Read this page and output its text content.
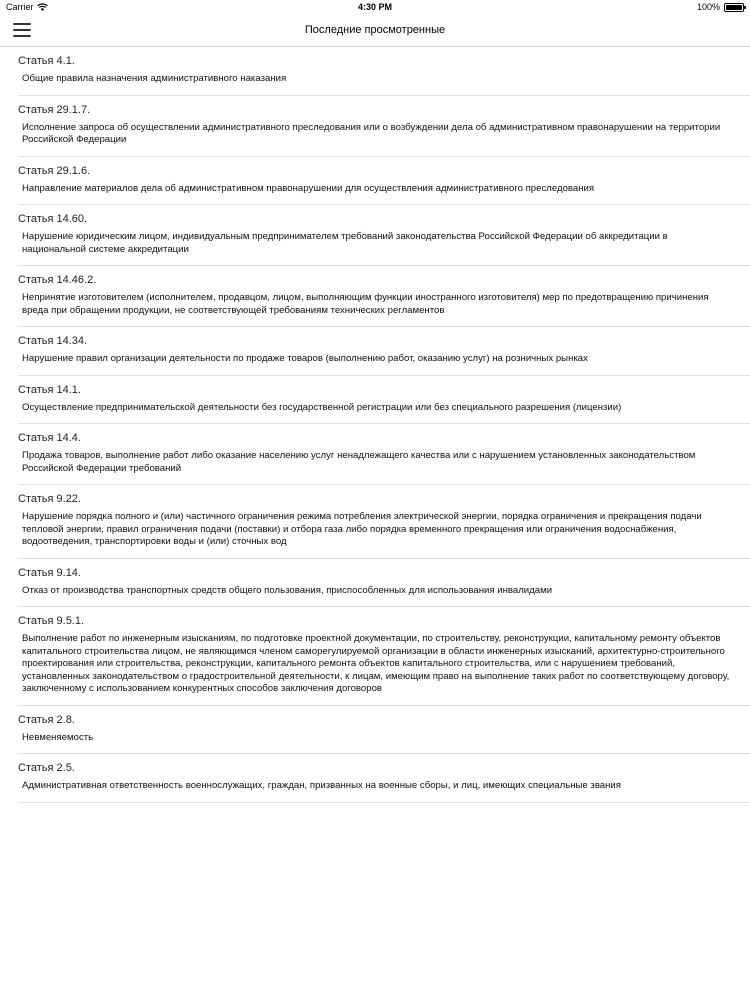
Carrier	4:30 PM	100%
Последние просмотренные
Статья 4.1.
Общие правила назначения административного наказания
Статья 29.1.7.
Исполнение запроса об осуществлении административного преследования или о возбуждении дела об административном правонарушении на территории Российской Федерации
Статья 29.1.6.
Направление материалов дела об административном правонарушении для осуществления административного преследования
Статья 14.60.
Нарушение юридическим лицом, индивидуальным предпринимателем требований законодательства Российской Федерации об аккредитации в национальной системе аккредитации
Статья 14.46.2.
Непринятие изготовителем (исполнителем, продавцом, лицом, выполняющим функции иностранного изготовителя) мер по предотвращению причинения вреда при обращении продукции, не соответствующей требованиям технических регламентов
Статья 14.34.
Нарушение правил организации деятельности по продаже товаров (выполнению работ, оказанию услуг) на розничных рынках
Статья 14.1.
Осуществление предпринимательской деятельности без государственной регистрации или без специального разрешения (лицензии)
Статья 14.4.
Продажа товаров, выполнение работ либо оказание населению услуг ненадлежащего качества или с нарушением установленных законодательством Российской Федерации требований
Статья 9.22.
Нарушение порядка полного и (или) частичного ограничения режима потребления электрической энергии, порядка ограничения и прекращения подачи тепловой энергии, правил ограничения подачи (поставки) и отбора газа либо порядка временного прекращения или ограничения водоснабжения, водоотведения, транспортировки воды и (или) сточных вод
Статья 9.14.
Отказ от производства транспортных средств общего пользования, приспособленных для использования инвалидами
Статья 9.5.1.
Выполнение работ по инженерным изысканиям, по подготовке проектной документации, по строительству, реконструкции, капитальному ремонту объектов капитального строительства лицом, не являющимся членом саморегулируемой организации в области инженерных изысканий, архитектурно-строительного проектирования или строительства, реконструкции, капитального ремонта объектов капитального строительства, или с нарушением требований, установленных законодательством о градостроительной деятельности, к лицам, имеющим право на выполнение таких работ по соответствующему договору, заключенному с использованием конкурентных способов заключения договоров
Статья 2.8.
Невменяемость
Статья 2.5.
Административная ответственность военнослужащих, граждан, призванных на военные сборы, и лиц, имеющих специальные звания
